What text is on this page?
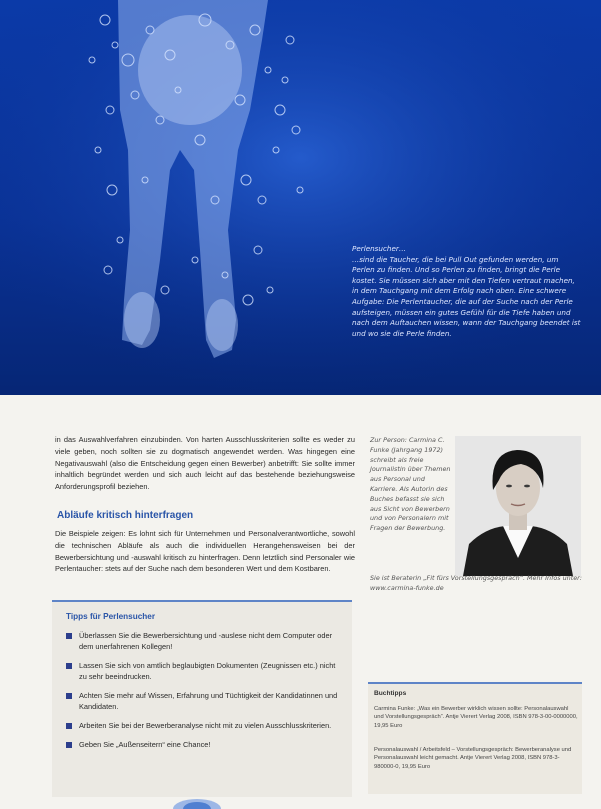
Perlensucher…
…sind die Taucher, die bei Pull Out gefunden werden, um Perlen zu finden. Und so Perlen zu finden, bringt die Perle kostet. Sie müssen sich aber mit den Tiefen vertraut machen, in dem Tauchgang mit dem Erfolg nach oben. Eine schwere Aufgabe: Die Perlentaucher, die auf der Suche nach der Perle aufsteigen, müssen ein gutes Gefühl für die Tiefe haben und nach dem Auftauchen wissen, wann der Tauchgang beendet ist und wo sie die Perle finden.

in das Auswahlverfahren einzubinden. Von harten Ausschlusskriterien sollte es weder zu viele geben, noch sollten sie zu dogmatisch angewendet werden. Was hingegen eine Negativauswahl (also die Entscheidung gegen einen Bewerber) anbetrifft: Sie sollte immer inhaltlich begründet werden und sich auch leicht auf das bestehende beziehungsweise Anforderungsprofil beziehen.

Abläufe kritisch hinterfragen

Die Beispiele zeigen: Es lohnt sich für Unternehmen und Personalverantwortliche, sowohl die technischen Abläufe als auch die individuellen Herangehensweisen bei der Bewerbersichtung und -auswahl kritisch zu hinterfragen. Denn letztlich sind Personaler wie Perlentaucher: stets auf der Suche nach dem besonderen Wert und dem Kostbaren.

Tipps für Perlensucher
Überlassen Sie die Bewerbersichtung und -auslese nicht dem Computer oder dem unerfahrenen Kollegen!
Lassen Sie sich von amtlich beglaubigten Dokumenten (Zeugnissen etc.) nicht zu sehr beeindrucken.
Achten Sie mehr auf Wissen, Erfahrung und Tüchtigkeit der Kandidatinnen und Kandidaten.
Arbeiten Sie bei der Bewerberanalyse nicht mit zu vielen Ausschlusskriterien.
Geben Sie „Außenseitern“ eine Chance!
Zur Person: Carmina C. Funke (Jahrgang 1972) schreibt als freie Journalistin über Themen aus Personal und Karriere. Als Autorin des Buches befasst sie sich aus Sicht von Bewerbern und von Personalern mit Fragen der Bewerbung.
Sie ist Beraterin „Fit fürs Vorstellungsgespräch“. Mehr Infos unter: www.carmina-funke.de
Buchtipps
Carmina Funke: „Was ein Bewerber wirklich wissen sollte: Personalauswahl und Vorstellungsgespräch“. Antje Vierert Verlag 2008, ISBN 978-3-00-0000000, 19,95 Euro
Personalauswahl / Arbeitsfeld – Vorstellungsgespräch: Bewerberanalyse und Personalauswahl leicht gemacht. Antje Vierert Verlag 2008, ISBN 978-3-980000-0, 19,95 Euro
